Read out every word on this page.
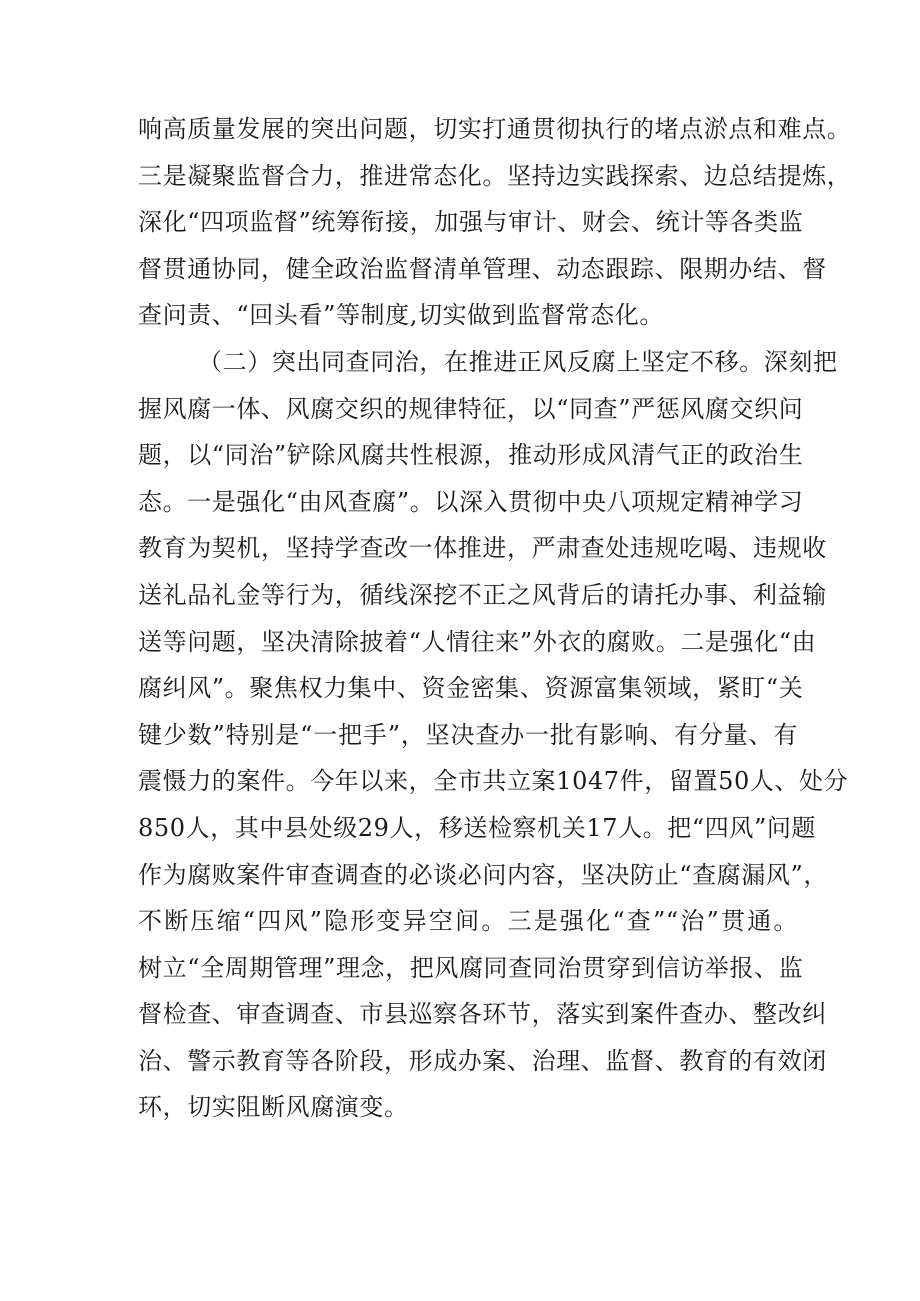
响高质量发展的突出问题，切实打通贯彻执行的堵点淤点和难点。
三是凝聚监督合力，推进常态化。坚持边实践探索、边总结提炼，
深化“四项监督”统筹衔接，加强与审计、财会、统计等各类监
督贯通协同，健全政治监督清单管理、动态跟踪、限期办结、督
查问责、“回头看”等制度,切实做到监督常态化。
（二）突出同查同治，在推进正风反腐上坚定不移。深刻把
握风腐一体、风腐交织的规律特征，以“同查”严惩风腐交织问
题，以“同治”铲除风腐共性根源，推动形成风清气正的政治生
态。一是强化“由风查腐”。以深入贯彻中央八项规定精神学习
教育为契机，坚持学查改一体推进，严肃查处违规吃喝、违规收
送礼品礼金等行为，循线深挖不正之风背后的请托办事、利益输
送等问题，坚决清除披着“人情往来”外衣的腐败。二是强化“由
腐纠风”。聚焦权力集中、资金密集、资源富集领域，紧盯“关
键少数”特别是“一把手”，坚决查办一批有影响、有分量、有
震慑力的案件。今年以来，全市共立案1047件，留置50人、处分
850人，其中县处级29人，移送检察机关17人。把“四风”问题
作为腐败案件审查调查的必谈必问内容，坚决防止“查腐漏风”，
不断压缩“四风”隐形变异空间。三是强化“查”“治”贯通。
树立“全周期管理”理念，把风腐同查同治贯穿到信访举报、监
督检查、审查调查、市县巡察各环节，落实到案件查办、整改纠
治、警示教育等各阶段，形成办案、治理、监督、教育的有效闭
环，切实阻断风腐演变。
